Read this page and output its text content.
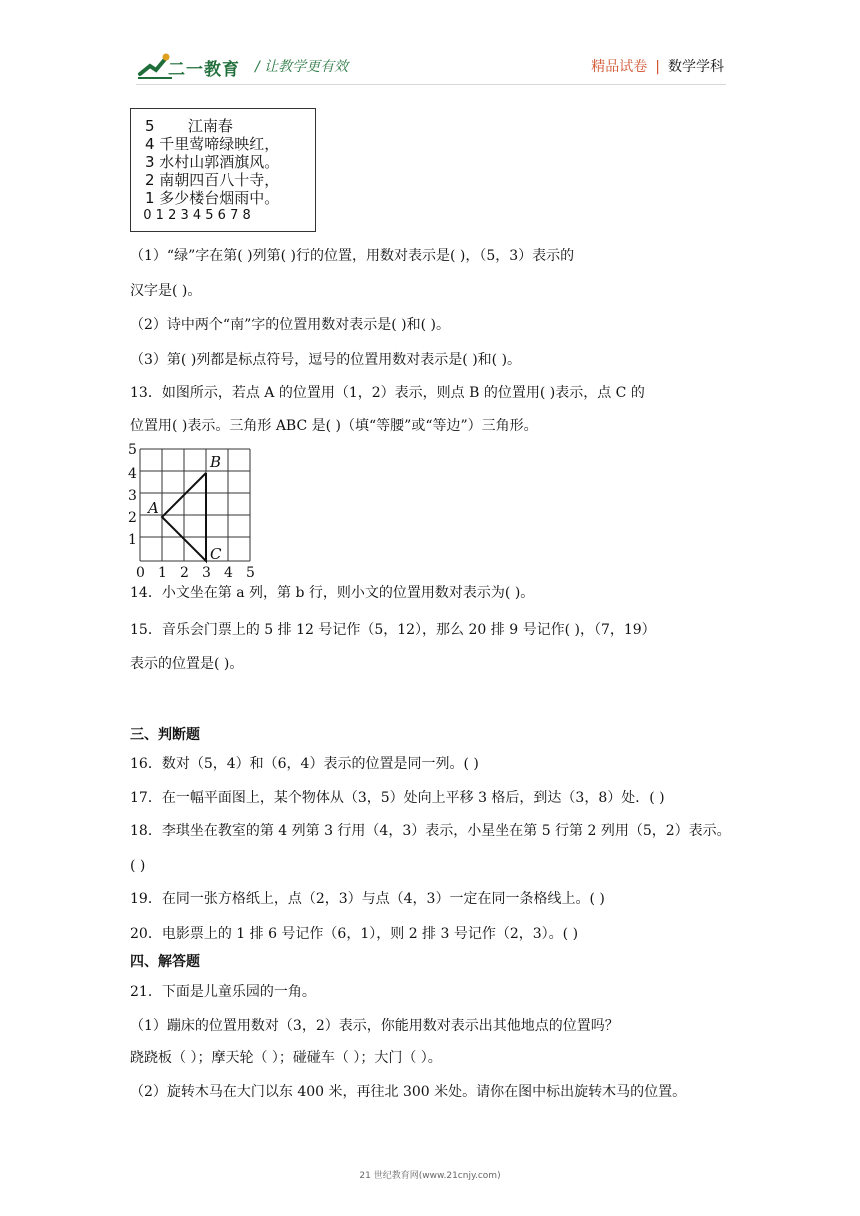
二一教育 / 让教学更有效	精品试卷 | 数学学科
5       江南春
4 千里莺啼绿映红，
3 水村山郭酒旗风。
2 南朝四百八十寺，
1 多少楼台烟雨中。
0 1 2 3 4 5 6 7 8
（1）“绿”字在第( )列第( )行的位置，用数对表示是( )，（5，3）表示的
汉字是( )。
（2）诗中两个“南”字的位置用数对表示是( )和( )。
（3）第( )列都是标点符号，逗号的位置用数对表示是( )和( )。
13．如图所示，若点 A 的位置用（1，2）表示，则点 B 的位置用( )表示，点 C 的
位置用( )表示。三角形 ABC 是( )（填“等腰”或“等边”）三角形。
5
4
3
2
1
0 1 2 3 4 5
A
B
C
14．小文坐在第 a 列，第 b 行，则小文的位置用数对表示为( )。
15．音乐会门票上的 5 排 12 号记作（5，12），那么 20 排 9 号记作( )，（7，19）
表示的位置是( )。
三、判断题
16．数对（5，4）和（6，4）表示的位置是同一列。( )
17．在一幅平面图上，某个物体从（3，5）处向上平移 3 格后，到达（3，8）处．( )
18．李琪坐在教室的第 4 列第 3 行用（4，3）表示，小星坐在第 5 行第 2 列用（5，2）表示。
( )
19．在同一张方格纸上，点（2，3）与点（4，3）一定在同一条格线上。( )
20．电影票上的 1 排 6 号记作（6，1），则 2 排 3 号记作（2，3）。( )
四、解答题
21．下面是儿童乐园的一角。
（1）蹦床的位置用数对（3，2）表示，你能用数对表示出其他地点的位置吗？
跷跷板（ ）；摩天轮（ ）；碰碰车（ ）；大门（ ）。
（2）旋转木马在大门以东 400 米，再往北 300 米处。请你在图中标出旋转木马的位置。
21 世纪教育网(www.21cnjy.com)
